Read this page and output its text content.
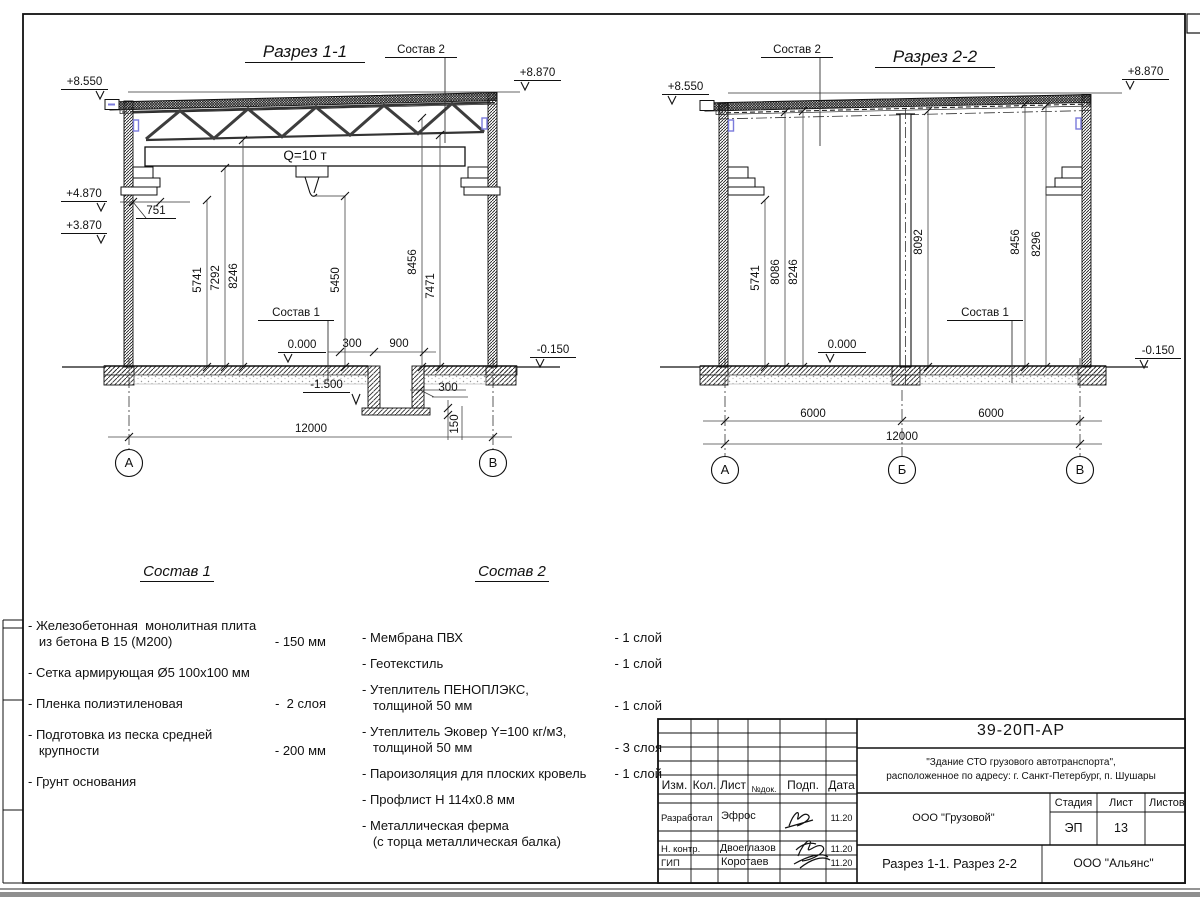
Разрез 1-1	Состав 2
+8.550
+8.870
+4.870
+3.870
Q=10 т
751
5741 7292 8246	5450
8456
7471
Состав 1
0.000	300	900	-0.150
-1.500	300
150
12000
А	В
Разрез 2-2
Состав 2
+8.550
+8.870
5741 8086 8246
8092	8456 8296
0.000
Состав 1
-0.150
6000	6000
12000
А	Б	В
Состав 1
- Железобетонная  монолитная плита
из бетона В 15 (М200)	- 150 мм
- Сетка армирующая Ø5 100х100 мм
- Пленка полиэтиленовая	-  2 слоя
- Подготовка из песка средней
крупности	- 200 мм
- Грунт основания
Состав 2
- Мембрана ПВХ	- 1 слой
- Геотекстиль	- 1 слой
- Утеплитель ПЕНОПЛЭКС,
толщиной 50 мм	- 1 слой
- Утеплитель Эковер Y=100 кг/м3,
толщиной 50 мм	- 3 слоя
- Пароизоляция для плоских кровель - 1 слой
- Профлист Н 114х0.8 мм
- Металлическая ферма
(с торца металлическая балка)
39-20П-АР
"Здание СТО грузового автотранспорта",
расположенное по адресу: г. Санкт-Петербург, п. Шушары
ООО "Грузовой"
Стадия	Лист	Листов
ЭП	13
Разрез 1-1. Разрез 2-2	ООО "Альянс"
Изм. Кол. Лист №док. Подп. Дата
Разработал Эфрос	11.20
Н. контр. Двоеглазов	11.20
ГИП	Коротаев	11.20
